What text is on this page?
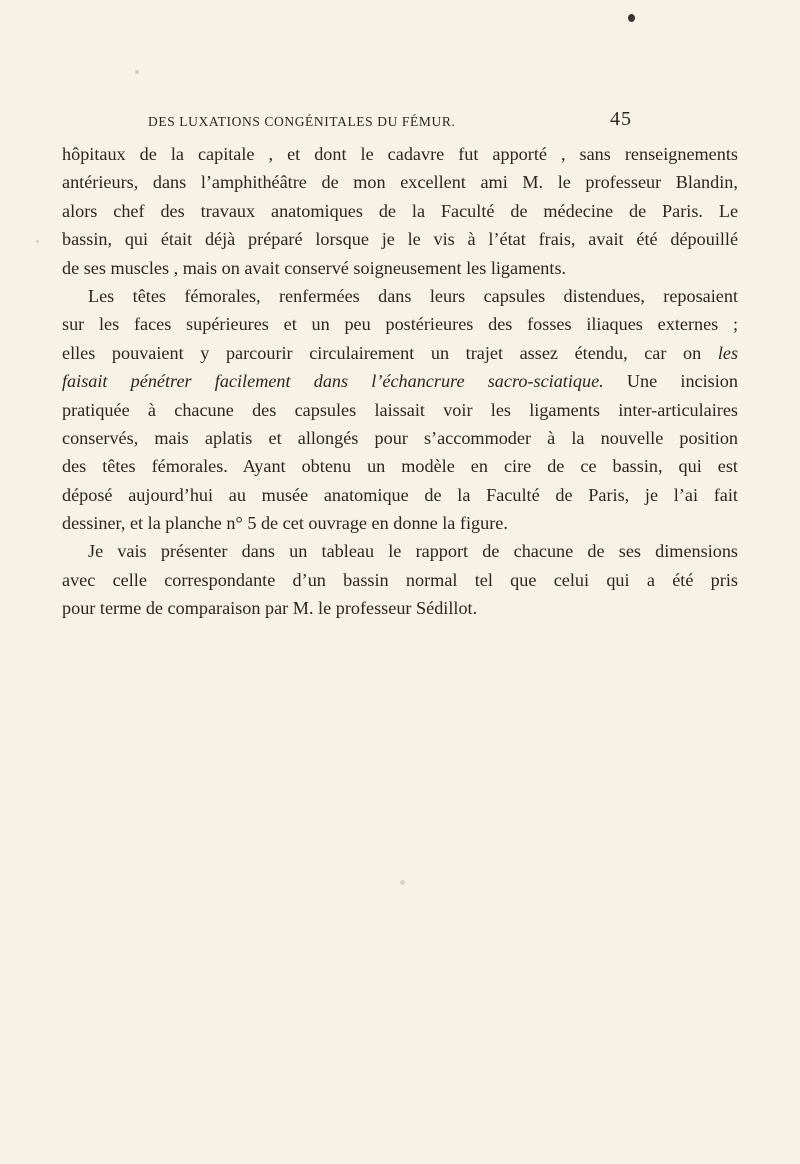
DES LUXATIONS CONGÉNITALES DU FÉMUR.	45
hôpitaux de la capitale , et dont le cadavre fut apporté , sans renseignements
antérieurs, dans l’amphithéâtre de mon excellent ami M. le professeur Blandin,
alors chef des travaux anatomiques de la Faculté de médecine de Paris. Le
bassin, qui était déjà préparé lorsque je le vis à l’état frais, avait été dépouillé
de ses muscles , mais on avait conservé soigneusement les ligaments.
Les têtes fémorales, renfermées dans leurs capsules distendues, reposaient
sur les faces supérieures et un peu postérieures des fosses iliaques externes ;
elles pouvaient y parcourir circulairement un trajet assez étendu, car on les
faisait pénétrer facilement dans l’échancrure sacro-sciatique. Une incision
pratiquée à chacune des capsules laissait voir les ligaments inter-articulaires
conservés, mais aplatis et allongés pour s’accommoder à la nouvelle position
des têtes fémorales. Ayant obtenu un modèle en cire de ce bassin, qui est
déposé aujourd’hui au musée anatomique de la Faculté de Paris, je l’ai fait
dessiner, et la planche n° 5 de cet ouvrage en donne la figure.
Je vais présenter dans un tableau le rapport de chacune de ses dimensions
avec celle correspondante d’un bassin normal tel que celui qui a été pris
pour terme de comparaison par M. le professeur Sédillot.
